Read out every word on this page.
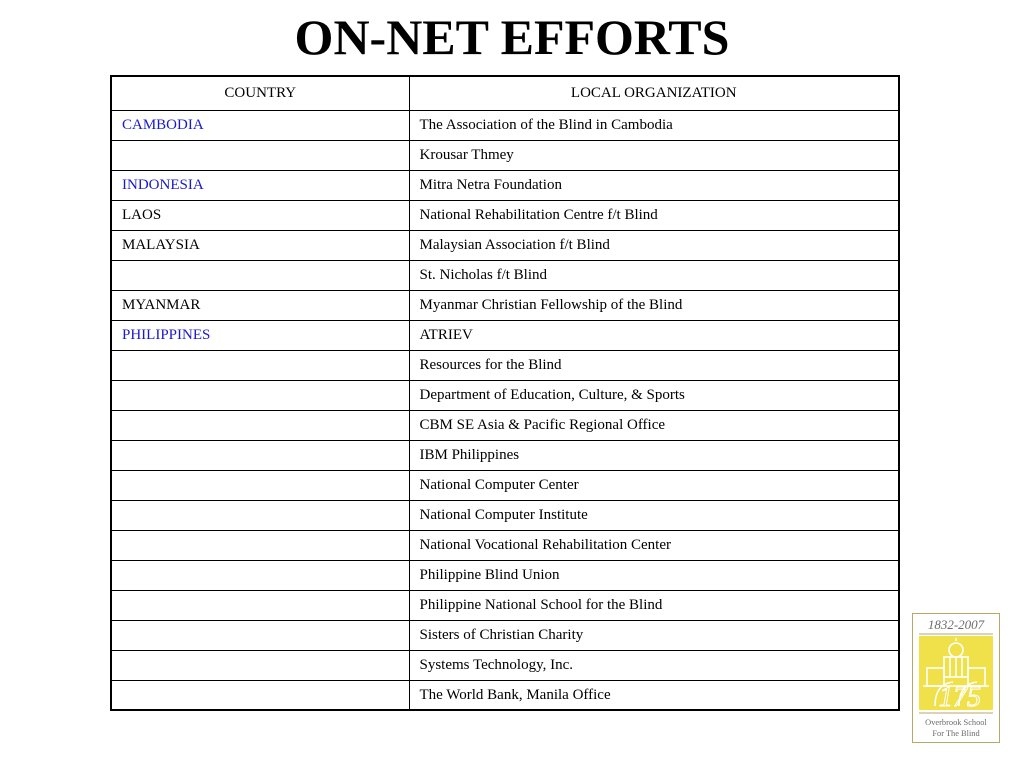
ON-NET EFFORTS
COUNTRY	LOCAL ORGANIZATION
CAMBODIA	The Association of the Blind in Cambodia
	Krousar Thmey
INDONESIA	Mitra Netra Foundation
LAOS	National Rehabilitation Centre f/t Blind
MALAYSIA	Malaysian Association f/t Blind
	St. Nicholas f/t Blind
MYANMAR	Myanmar Christian Fellowship of the Blind
PHILIPPINES	ATRIEV
	Resources for the Blind
	Department of Education, Culture, & Sports
	CBM SE Asia & Pacific Regional Office
	IBM Philippines
	National Computer Center
	National Computer Institute
	National Vocational Rehabilitation Center
	Philippine Blind Union
	Philippine National School for the Blind
	Sisters of Christian Charity
	Systems Technology, Inc.
	The World Bank, Manila Office
1832-2007
175
Overbrook School
For The Blind
